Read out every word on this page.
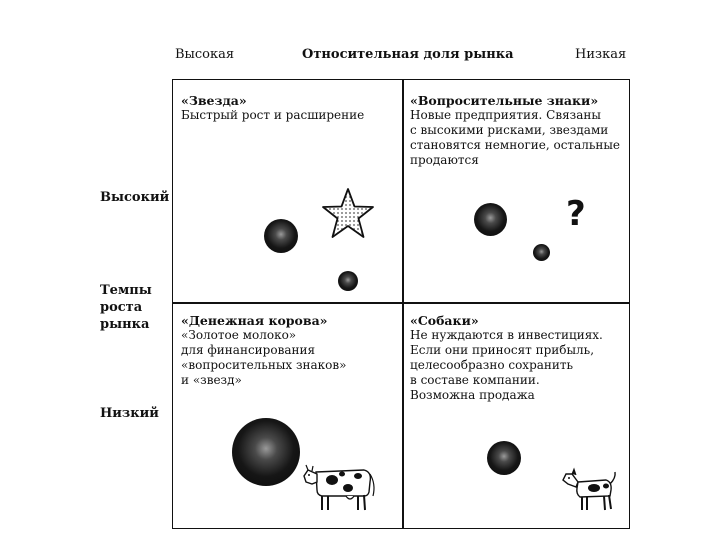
Высокая	Относительная доля рынка	Низкая
Высокий
Темпы
роста
рынка
Низкий
«Звезда»
Быстрый рост и расширение
«Вопросительные знаки»
Новые предприятия. Связаны
с высокими рисками, звездами
становятся немногие, остальные
продаются
?
«Денежная корова»
«Золотое молоко»
для финансирования
«вопросительных знаков»
и «звезд»
«Собаки»
Не нуждаются в инвестициях.
Если они приносят прибыль,
целесообразно сохранить
в составе компании.
Возможна продажа
